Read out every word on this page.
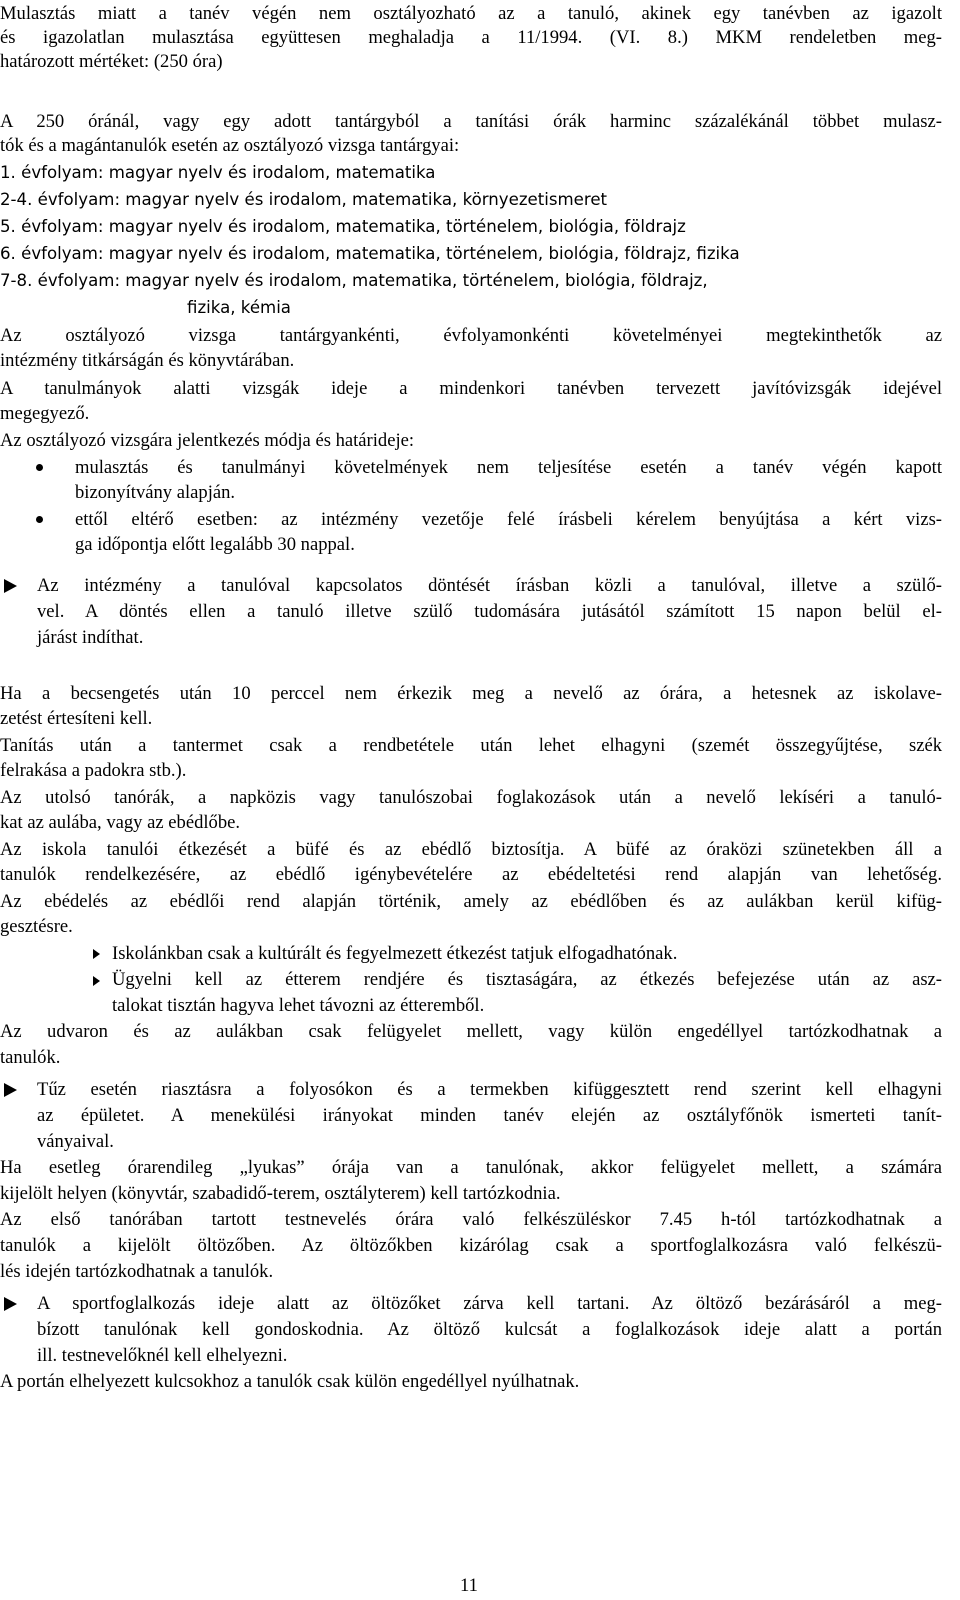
Mulasztás miatt a tanév végén nem osztályozható az a tanuló, akinek egy tanévben az igazolt
és igazolatlan mulasztása együttesen meghaladja a 11/1994. (VI. 8.) MKM rendeletben meg-
határozott mértéket: (250 óra)
A 250 óránál, vagy egy adott tantárgyból a tanítási órák harminc százalékánál többet mulasz-
tók és a magántanulók esetén az osztályozó vizsga tantárgyai:
1. évfolyam: magyar nyelv és irodalom, matematika
2-4. évfolyam: magyar nyelv és irodalom, matematika, környezetismeret
5. évfolyam: magyar nyelv és irodalom, matematika, történelem, biológia, földrajz
6. évfolyam: magyar nyelv és irodalom, matematika, történelem, biológia, földrajz, fizika
7-8. évfolyam: magyar nyelv és irodalom, matematika, történelem, biológia, földrajz,
fizika, kémia
Az osztályozó vizsga tantárgyankénti, évfolyamonkénti követelményei megtekinthetők az
intézmény titkárságán és könyvtárában.
A tanulmányok alatti vizsgák ideje a mindenkori tanévben tervezett javítóvizsgák idejével
megegyező.
Az osztályozó vizsgára jelentkezés módja és határideje:
mulasztás és tanulmányi követelmények nem teljesítése esetén a tanév végén kapott
bizonyítvány alapján.
ettől eltérő esetben: az intézmény vezetője felé írásbeli kérelem benyújtása a kért vizs-
ga időpontja előtt legalább 30 nappal.
Az intézmény a tanulóval kapcsolatos döntését írásban közli a tanulóval, illetve a szülő-
vel. A döntés ellen a tanuló illetve szülő tudomására jutásától számított 15 napon belül el-
járást indíthat.
Ha a becsengetés után 10 perccel nem érkezik meg a nevelő az órára, a hetesnek az iskolave-
zetést értesíteni kell.
Tanítás után a tantermet csak a rendbetétele után lehet elhagyni (szemét összegyűjtése, szék
felrakása a padokra stb.).
Az utolsó tanórák, a napközis vagy tanulószobai foglakozások után a nevelő lekíséri a tanuló-
kat az aulába, vagy az ebédlőbe.
Az iskola tanulói étkezését a büfé és az ebédlő biztosítja. A büfé az óraközi szünetekben áll a
tanulók rendelkezésére, az ebédlő igénybevételére az ebédeltetési rend alapján van lehetőség.
Az ebédelés az ebédlői rend alapján történik, amely az ebédlőben és az aulákban kerül kifüg-
gesztésre.
Iskolánkban csak a kultúrált és fegyelmezett étkezést tatjuk elfogadhatónak.
Ügyelni kell az étterem rendjére és tisztaságára, az étkezés befejezése után az asz-
talokat tisztán hagyva lehet távozni az étteremből.
Az udvaron és az aulákban csak felügyelet mellett, vagy külön engedéllyel tartózkodhatnak a
tanulók.
Tűz esetén riasztásra a folyosókon és a termekben kifüggesztett rend szerint kell elhagyni
az épületet. A menekülési irányokat minden tanév elején az osztályfőnök ismerteti tanít-
ványaival.
Ha esetleg órarendileg „lyukas” órája van a tanulónak, akkor felügyelet mellett, a számára
kijelölt helyen (könyvtár, szabadidő-terem, osztályterem) kell tartózkodnia.
Az első tanórában tartott testnevelés órára való felkészüléskor 7.45 h-tól tartózkodhatnak a
tanulók a kijelölt öltözőben. Az öltözőkben kizárólag csak a sportfoglalkozásra való felkészü-
lés idején tartózkodhatnak a tanulók.
A sportfoglalkozás ideje alatt az öltözőket zárva kell tartani. Az öltöző bezárásáról a meg-
bízott tanulónak kell gondoskodnia. Az öltöző kulcsát a foglalkozások ideje alatt a portán
ill. testnevelőknél kell elhelyezni.
A portán elhelyezett kulcsokhoz a tanulók csak külön engedéllyel nyúlhatnak.
11
